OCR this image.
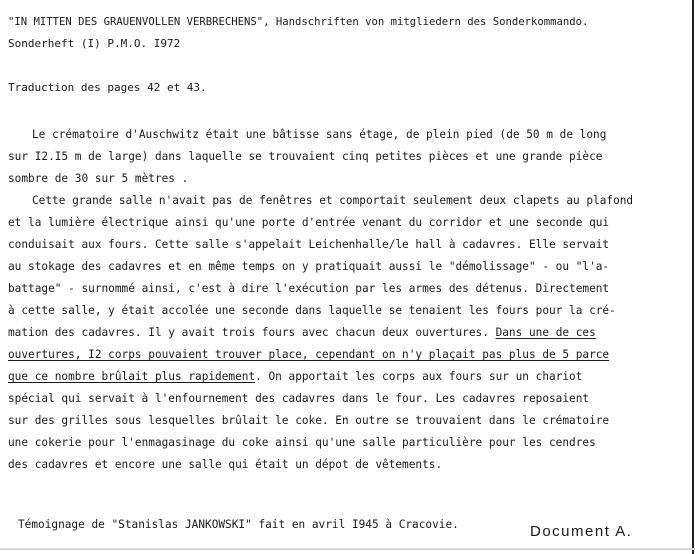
"IN MITTEN DES GRAUENVOLLEN VERBRECHENS", Handschriften von mitgliedern des Sonderkommando.
Sonderheft (I) P.M.O. I972
Traduction des pages 42 et 43.
Le crématoire d'Auschwitz était une bâtisse sans étage, de plein pied (de 50 m de long
sur I2.I5 m de large) dans laquelle se trouvaient cinq petites pièces et une grande pièce
sombre de 30 sur 5 mètres .
Cette grande salle n'avait pas de fenêtres et comportait seulement deux clapets au plafond
et la lumière électrique ainsi qu'une porte d'entrée venant du corridor et une seconde qui
conduisait aux fours. Cette salle s'appelait Leichenhalle/le hall à cadavres. Elle servait
au stokage des cadavres et en même temps on y pratiquait aussi le "démolissage" - ou "l'a-
battage" - surnommé ainsi, c'est à dire l'exécution par les armes des détenus. Directement
à cette salle, y était accolée une seconde dans laquelle se tenaient les fours pour la cré-
mation des cadavres. Il y avait trois fours avec chacun deux ouvertures. Dans une de ces
ouvertures, I2 corps pouvaient trouver place, cependant on n'y plaçait pas plus de 5 parce
que ce nombre brûlait plus rapidement. On apportait les corps aux fours sur un chariot
spécial qui servait à l'enfournement des cadavres dans le four. Les cadavres reposaient
sur des grilles sous lesquelles brûlait le coke. En outre se trouvaient dans le crématoire
une cokerie pour l'enmagasinage du coke ainsi qu'une salle particulière pour les cendres
des cadavres et encore une salle qui était un dépot de vêtements.
Témoignage de "Stanislas JANKOWSKI" fait en avril I945 à Cracovie.	Document A.
